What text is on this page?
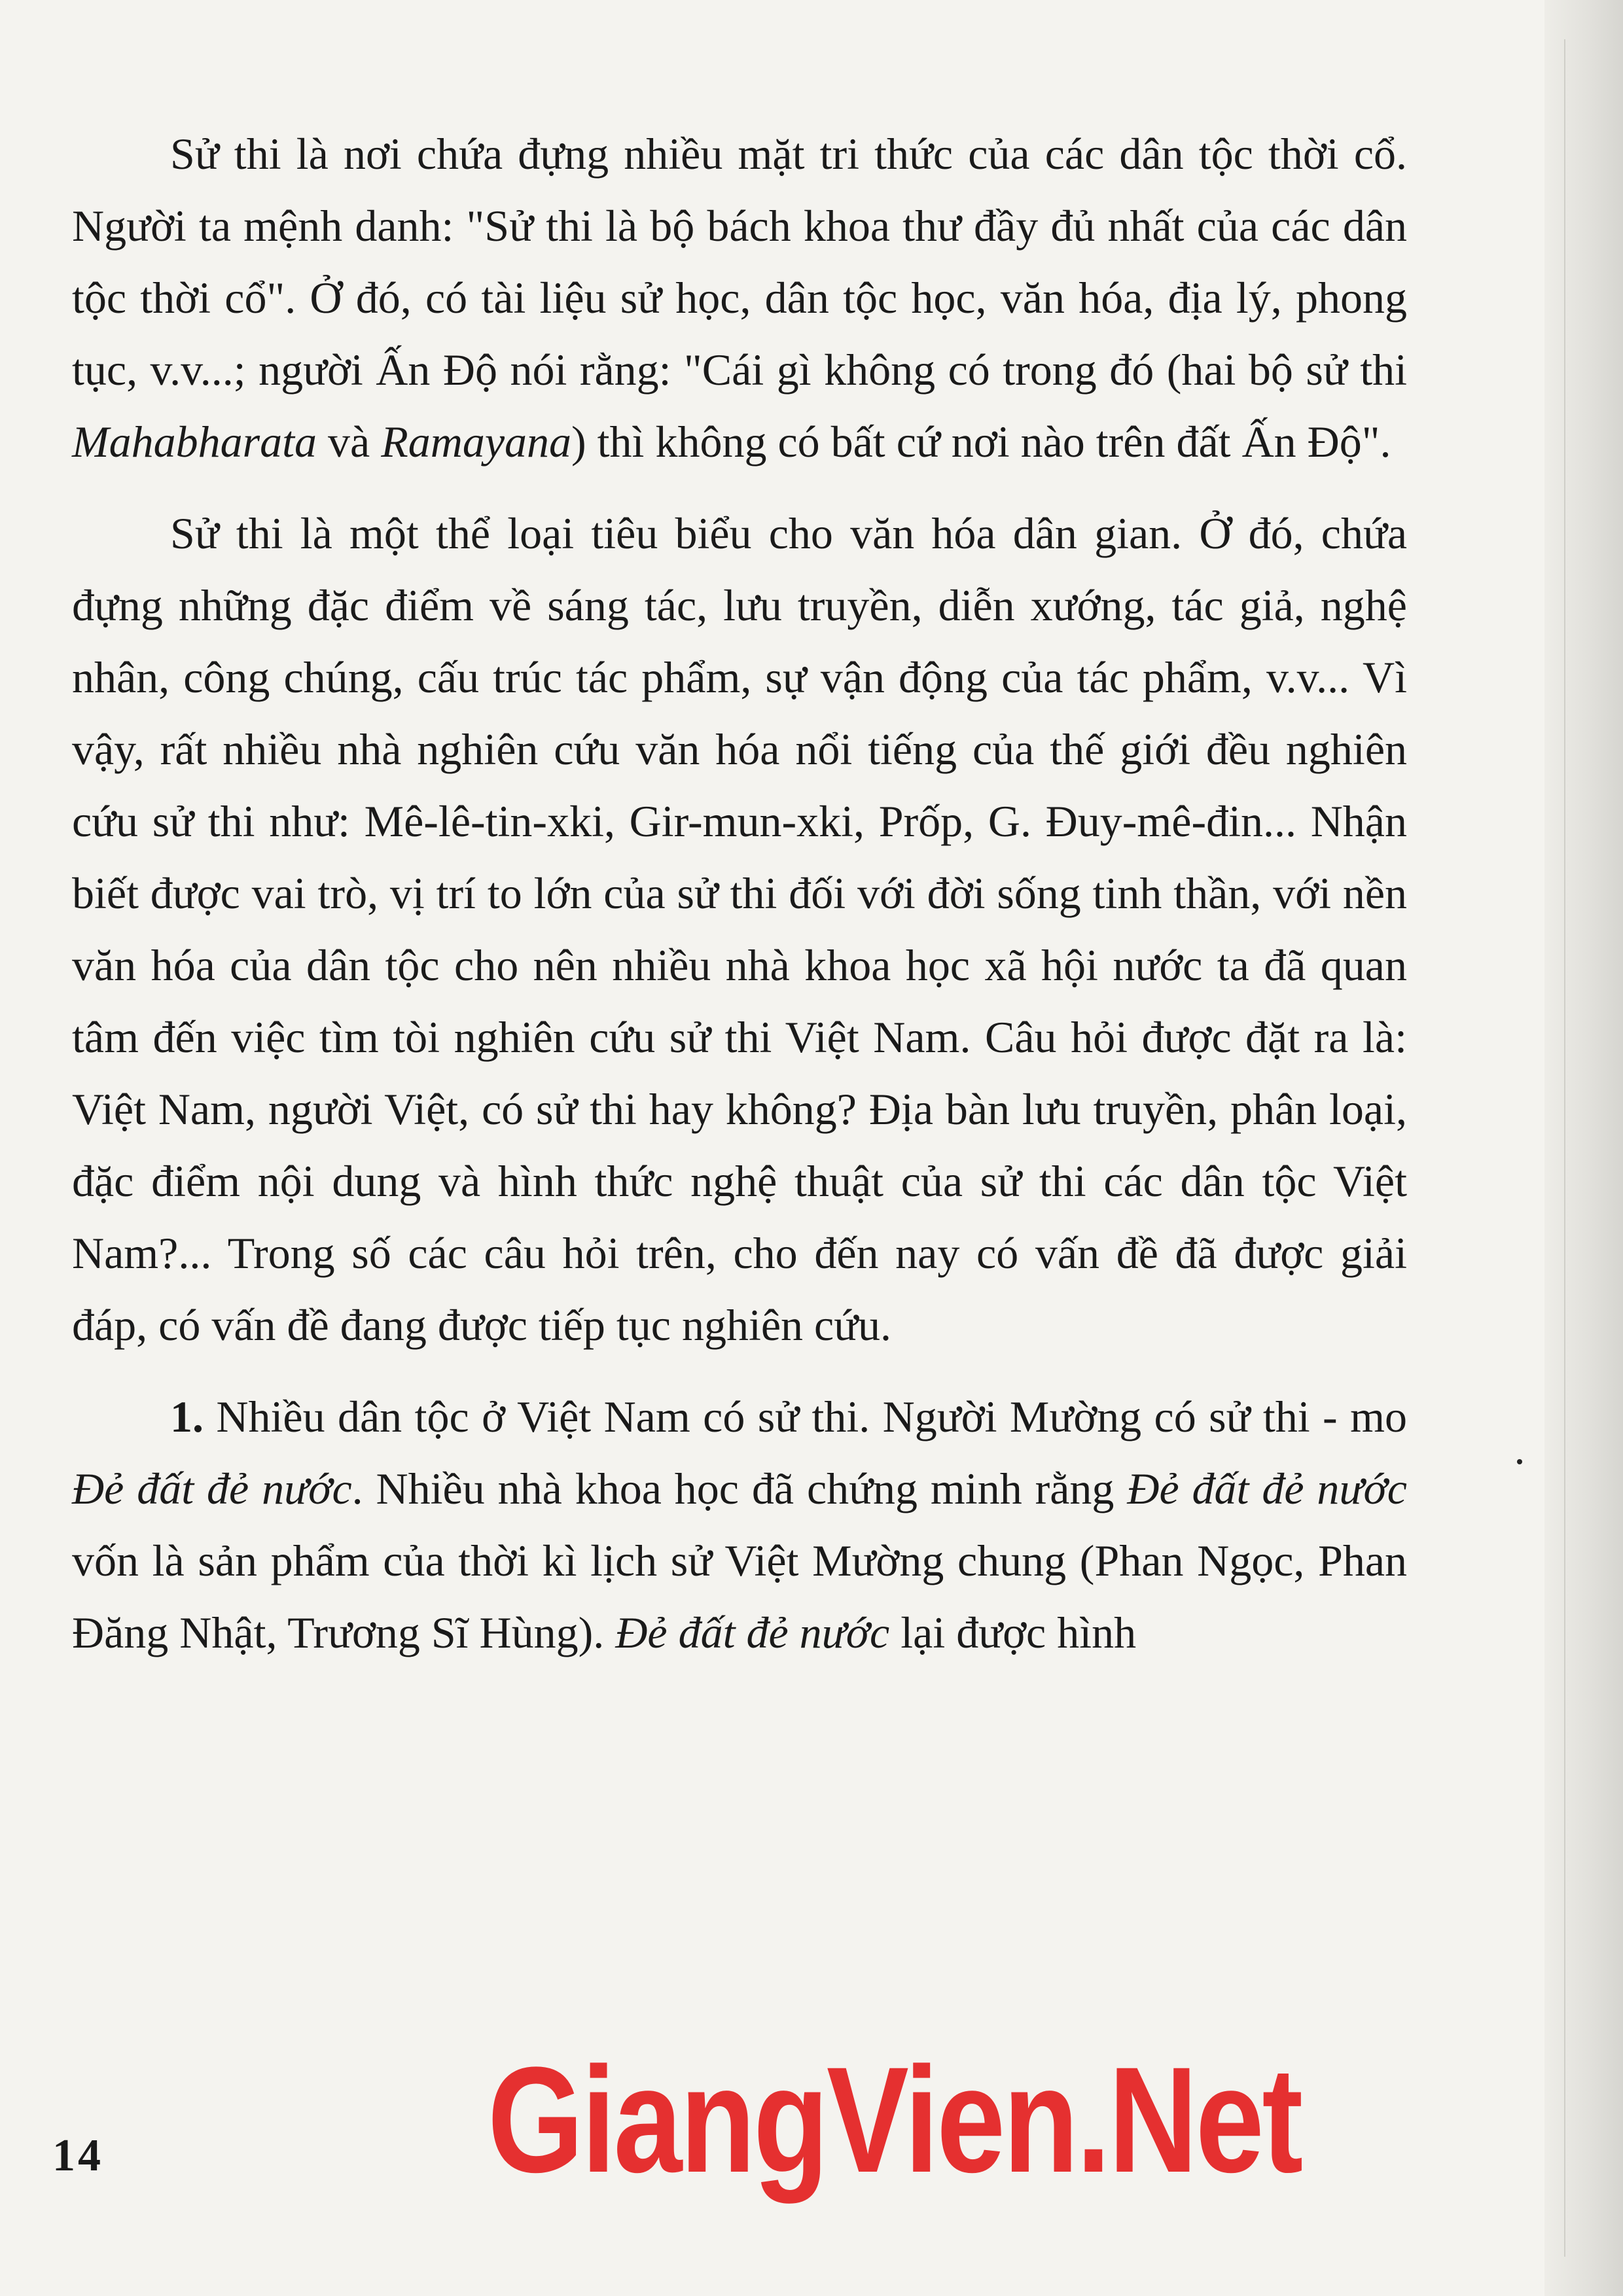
Sử thi là nơi chứa đựng nhiều mặt tri thức của các dân tộc thời cổ. Người ta mệnh danh: "Sử thi là bộ bách khoa thư đầy đủ nhất của các dân tộc thời cổ". Ở đó, có tài liệu sử học, dân tộc học, văn hóa, địa lý, phong tục, v.v...; người Ấn Độ nói rằng: "Cái gì không có trong đó (hai bộ sử thi Mahabharata và Ramayana) thì không có bất cứ nơi nào trên đất Ấn Độ".

Sử thi là một thể loại tiêu biểu cho văn hóa dân gian. Ở đó, chứa đựng những đặc điểm về sáng tác, lưu truyền, diễn xướng, tác giả, nghệ nhân, công chúng, cấu trúc tác phẩm, sự vận động của tác phẩm, v.v... Vì vậy, rất nhiều nhà nghiên cứu văn hóa nổi tiếng của thế giới đều nghiên cứu sử thi như: Mê-lê-tin-xki, Gir-mun-xki, Prốp, G. Đuy-mê-đin... Nhận biết được vai trò, vị trí to lớn của sử thi đối với đời sống tinh thần, với nền văn hóa của dân tộc cho nên nhiều nhà khoa học xã hội nước ta đã quan tâm đến việc tìm tòi nghiên cứu sử thi Việt Nam. Câu hỏi được đặt ra là: Việt Nam, người Việt, có sử thi hay không? Địa bàn lưu truyền, phân loại, đặc điểm nội dung và hình thức nghệ thuật của sử thi các dân tộc Việt Nam?... Trong số các câu hỏi trên, cho đến nay có vấn đề đã được giải đáp, có vấn đề đang được tiếp tục nghiên cứu.

1. Nhiều dân tộc ở Việt Nam có sử thi. Người Mường có sử thi - mo Đẻ đất đẻ nước. Nhiều nhà khoa học đã chứng minh rằng Đẻ đất đẻ nước vốn là sản phẩm của thời kì lịch sử Việt Mường chung (Phan Ngọc, Phan Đăng Nhật, Trương Sĩ Hùng). Đẻ đất đẻ nước lại được hình

14	GiangVien.Net
